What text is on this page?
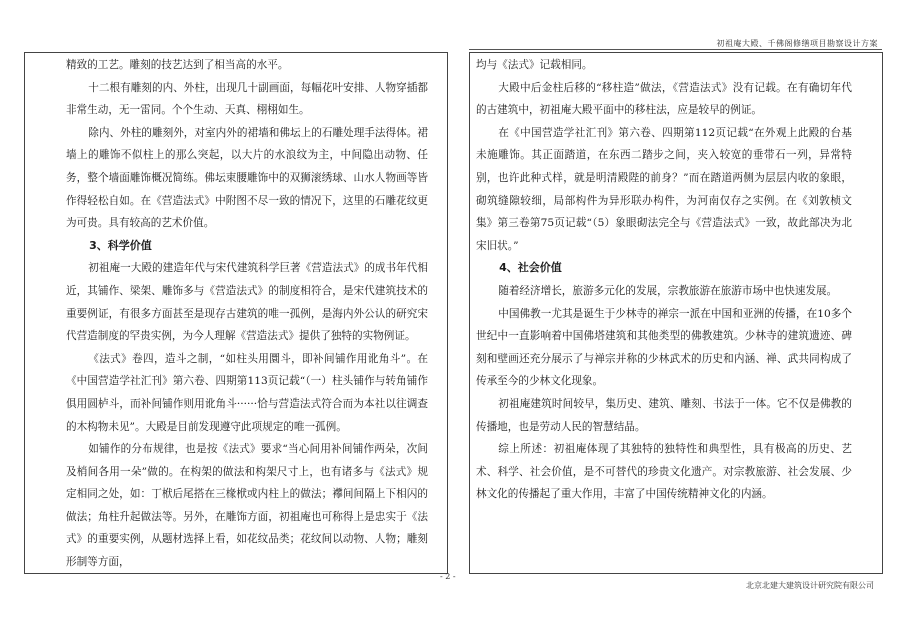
初祖庵大殿、千佛阁修缮项目勘察设计方案

精致的工艺。雕刻的技艺达到了相当高的水平。

十二根有雕刻的内、外柱，出现几十副画面，每幅花叶安排、人物穿插都非常生动，无一雷同。个个生动、天真、栩栩如生。

除内、外柱的雕刻外，对室内外的裙墙和佛坛上的石雕处理手法得体。裙墙上的雕饰不似柱上的那么突起，以大片的水浪纹为主，中间隐出动物、任务，整个墙面雕饰概况简练。佛坛束腰雕饰中的双狮滚绣球、山水人物画等皆作得轻松自如。在《营造法式》中附图不尽一致的情况下，这里的石雕花纹更为可贵。具有较高的艺术价值。

3、科学价值

初祖庵一大殿的建造年代与宋代建筑科学巨著《营造法式》的成书年代相近，其铺作、梁架、雕饰多与《营造法式》的制度相符合，是宋代建筑技术的重要例证，有很多方面甚至是现存古建筑的唯一孤例，是海内外公认的研究宋代营造制度的罕贵实例，为今人理解《营造法式》提供了独特的实物例证。

《法式》卷四，造斗之制，“如柱头用圜斗，即补间铺作用讹角斗”。在《中国营造学社汇刊》第六卷、四期第113页记载“（一）柱头铺作与转角铺作俱用圆栌斗，而补间铺作则用讹角斗······恰与营造法式符合而为本社以往调查的木构物未见”。大殿是目前发现遵守此项规定的唯一孤例。

如铺作的分布规律，也是按《法式》要求“当心间用补间铺作两朵，次间及梢间各用一朵”做的。在构架的做法和构架尺寸上，也有诸多与《法式》规定相同之处，如：丁栿后尾搭在三椽栿或内柱上的做法；襻间间隔上下相闪的做法；角柱升起做法等。另外，在雕饰方面，初祖庵也可称得上是忠实于《法式》的重要实例，从题材选择上看，如花纹品类；花纹间以动物、人物；雕刻形制等方面，

均与《法式》记载相同。

大殿中后金柱后移的“移柱造”做法，《营造法式》没有记载。在有确切年代的古建筑中，初祖庵大殿平面中的移柱法，应是较早的例证。

在《中国营造学社汇刊》第六卷、四期第112页记载“在外观上此殿的台基未施雕饰。其正面踏道，在东西二踏步之间，夹入较宽的垂带石一列，异常特别，也许此种式样，就是明清殿陛的前身？”而在踏道两侧为层层内收的象眼，砌筑缝隙较细，局部构件为异形联办构件，为河南仅存之实例。在《刘敦桢文集》第三卷第75页记载“（5）象眼砌法完全与《营造法式》一致，故此部决为北宋旧状。”

4、社会价值

随着经济增长，旅游多元化的发展，宗教旅游在旅游市场中也快速发展。

中国佛教一尤其是诞生于少林寺的禅宗一派在中国和亚洲的传播，在10多个世纪中一直影响着中国佛塔建筑和其他类型的佛教建筑。少林寺的建筑遗迹、碑刻和壁画还充分展示了与禅宗并称的少林武术的历史和内涵、禅、武共同构成了传承至今的少林文化现象。

初祖庵建筑时间较早，集历史、建筑、雕刻、书法于一体。它不仅是佛教的传播地，也是劳动人民的智慧结晶。

综上所述：初祖庵体现了其独特的独特性和典型性，具有极高的历史、艺术、科学、社会价值，是不可替代的珍贵文化遗产。对宗教旅游、社会发展、少林文化的传播起了重大作用，丰富了中国传统精神文化的内涵。

- 2 -
北京北建大建筑设计研究院有限公司
